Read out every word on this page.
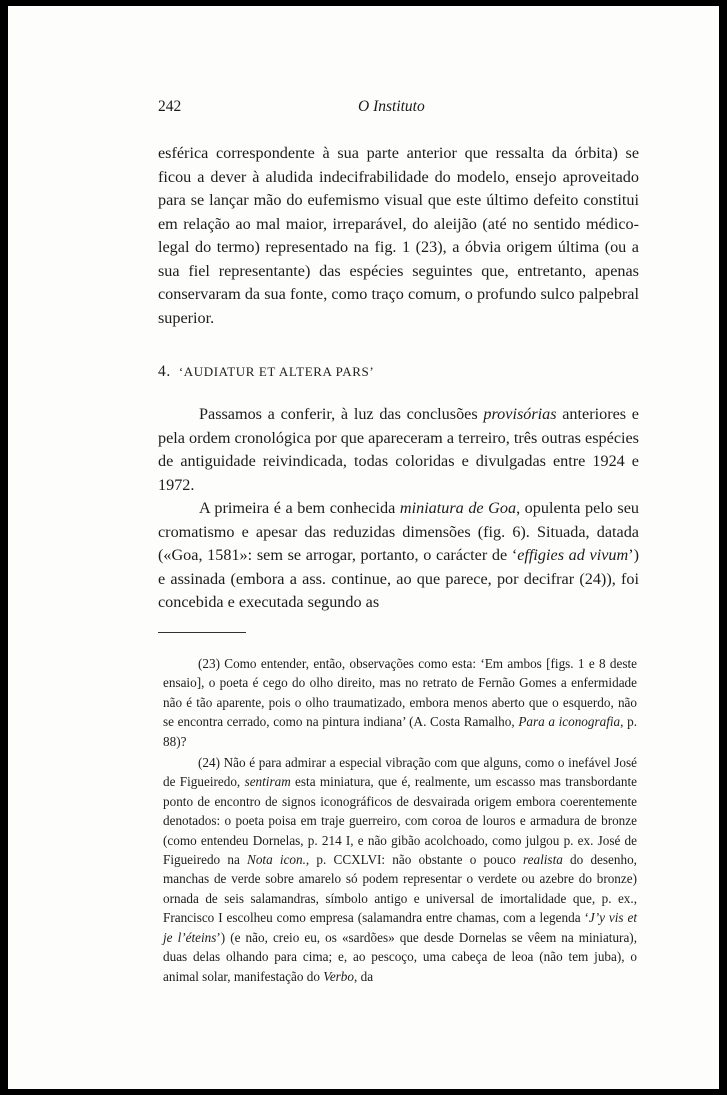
242	O Instituto

esférica correspondente à sua parte anterior que ressalta da órbita) se ficou a dever à aludida indecifrabilidade do modelo, ensejo aproveitado para se lançar mão do eufemismo visual que este último defeito constitui em relação ao mal maior, irreparável, do aleijão (até no sentido médico-legal do termo) representado na fig. 1 (23), a óbvia origem última (ou a sua fiel representante) das espécies seguintes que, entretanto, apenas conservaram da sua fonte, como traço comum, o profundo sulco palpebral superior.

4. ‘AUDIATUR ET ALTERA PARS’

Passamos a conferir, à luz das conclusões provisórias anteriores e pela ordem cronológica por que apareceram a terreiro, três outras espécies de antiguidade reivindicada, todas coloridas e divulgadas entre 1924 e 1972.

A primeira é a bem conhecida miniatura de Goa, opulenta pelo seu cromatismo e apesar das reduzidas dimensões (fig. 6). Situada, datada («Goa, 1581»: sem se arrogar, portanto, o carácter de ‘effigies ad vivum’) e assinada (embora a ass. continue, ao que parece, por decifrar (24)), foi concebida e executada segundo as

(23) Como entender, então, observações como esta: ‘Em ambos [figs. 1 e 8 deste ensaio], o poeta é cego do olho direito, mas no retrato de Fernão Gomes a enfermidade não é tão aparente, pois o olho traumatizado, embora menos aberto que o esquerdo, não se encontra cerrado, como na pintura indiana’ (A. Costa Ramalho, Para a iconografia, p. 88)?

(24) Não é para admirar a especial vibração com que alguns, como o inefável José de Figueiredo, sentiram esta miniatura, que é, realmente, um escasso mas transbordante ponto de encontro de signos iconográficos de desvairada origem embora coerentemente denotados: o poeta poisa em traje guerreiro, com coroa de louros e armadura de bronze (como entendeu Dornelas, p. 214 I, e não gibão acolchoado, como julgou p. ex. José de Figueiredo na Nota icon., p. CCXLVI: não obstante o pouco realista do desenho, manchas de verde sobre amarelo só podem representar o verdete ou azebre do bronze) ornada de seis salamandras, símbolo antigo e universal de imortalidade que, p. ex., Francisco I escolheu como empresa (salamandra entre chamas, com a legenda ‘J’y vis et je l’éteins’) (e não, creio eu, os «sardões» que desde Dornelas se vêem na miniatura), duas delas olhando para cima; e, ao pescoço, uma cabeça de leoa (não tem juba), o animal solar, manifestação do Verbo, da
